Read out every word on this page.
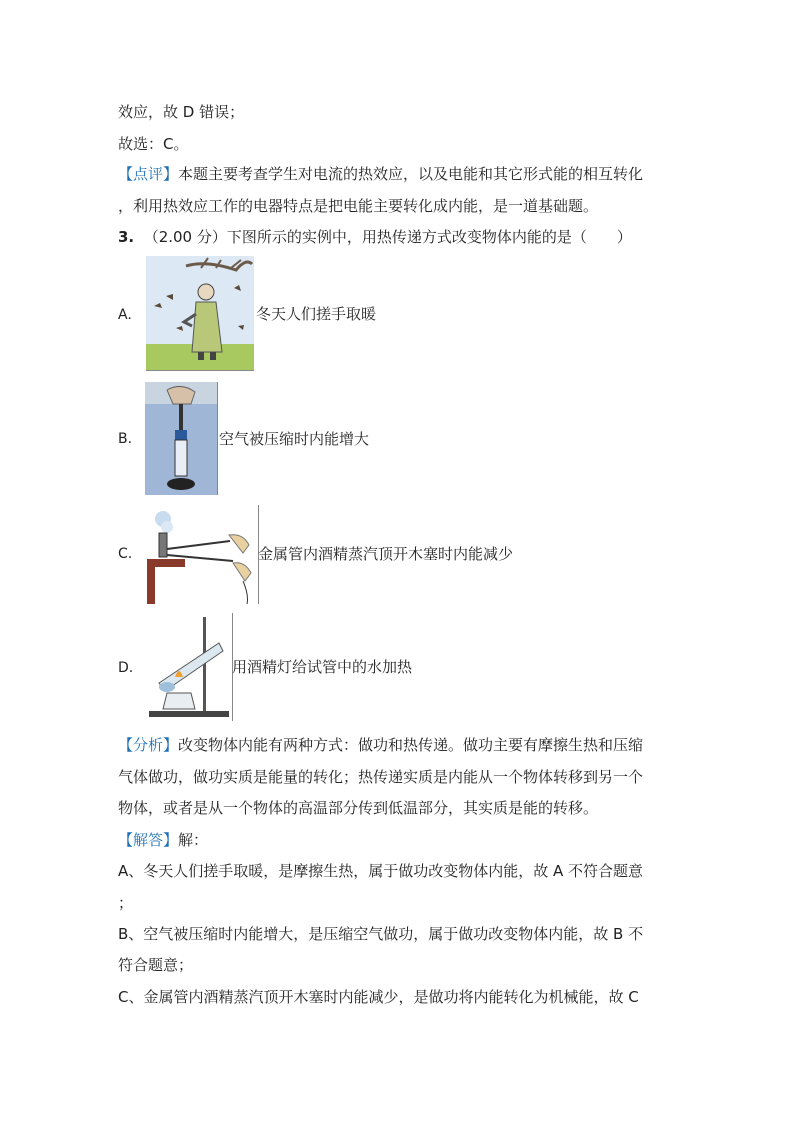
效应，故 D 错误；
故选：C。
【点评】本题主要考查学生对电流的热效应，以及电能和其它形式能的相互转化
，利用热效应工作的电器特点是把电能主要转化成内能，是一道基础题。
3. （2.00 分）下图所示的实例中，用热传递方式改变物体内能的是（　　）
A.	冬天人们搓手取暖
B.	空气被压缩时内能增大
C.	金属管内酒精蒸汽顶开木塞时内能减少
D.	用酒精灯给试管中的水加热
【分析】改变物体内能有两种方式：做功和热传递。做功主要有摩擦生热和压缩
气体做功，做功实质是能量的转化；热传递实质是内能从一个物体转移到另一个
物体，或者是从一个物体的高温部分传到低温部分，其实质是能的转移。
【解答】解：
A、冬天人们搓手取暖，是摩擦生热，属于做功改变物体内能，故 A 不符合题意
；
B、空气被压缩时内能增大，是压缩空气做功，属于做功改变物体内能，故 B 不
符合题意；
C、金属管内酒精蒸汽顶开木塞时内能减少，是做功将内能转化为机械能，故 C
